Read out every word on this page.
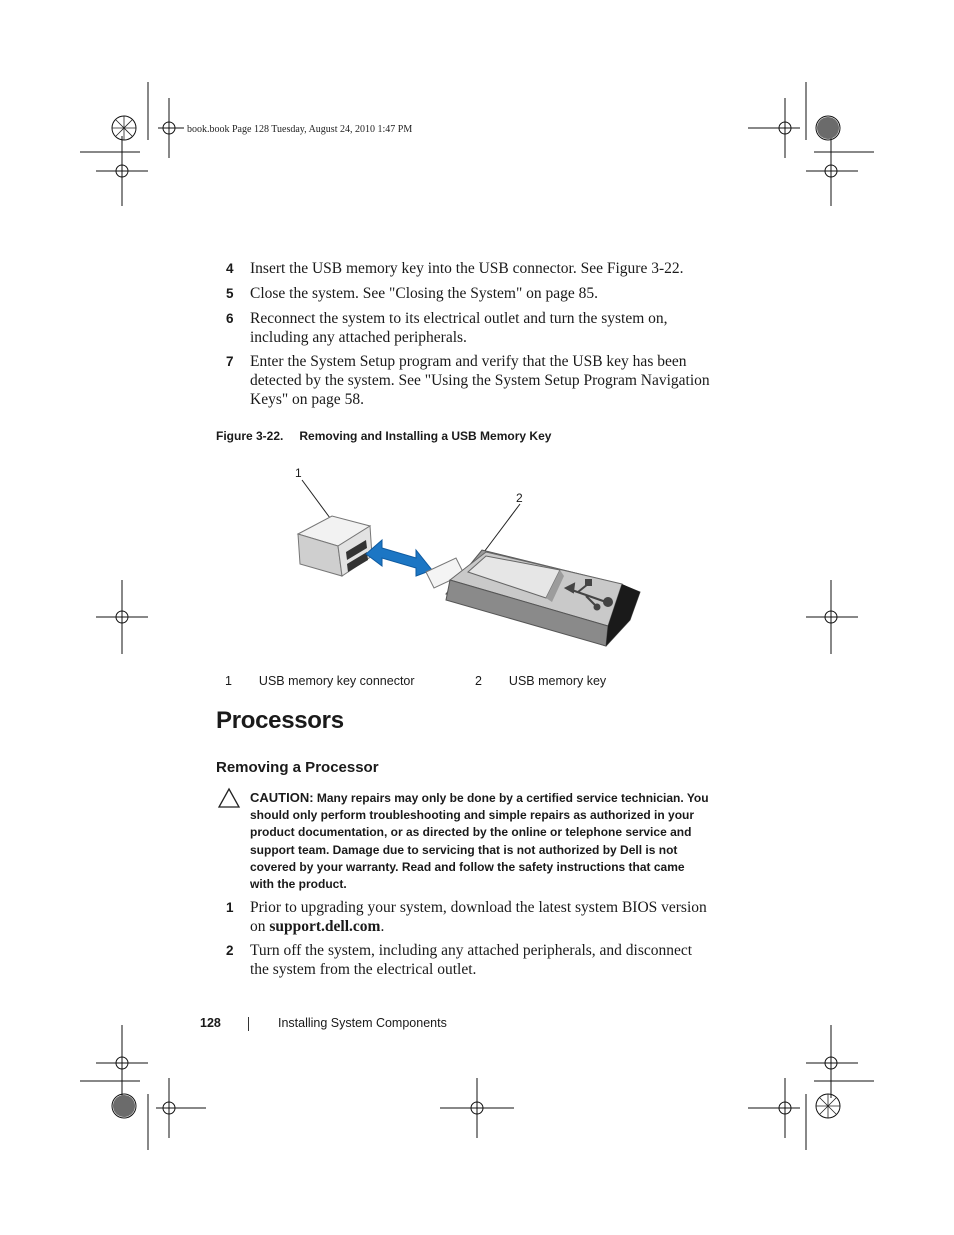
book.book Page 128 Tuesday, August 24, 2010 1:47 PM
4 Insert the USB memory key into the USB connector. See Figure 3-22.
5 Close the system. See "Closing the System" on page 85.
6 Reconnect the system to its electrical outlet and turn the system on,
including any attached peripherals.
7 Enter the System Setup program and verify that the USB key has been
detected by the system. See "Using the System Setup Program Navigation
Keys" on page 58.
Figure 3-22. Removing and Installing a USB Memory Key
1
2
1 USB memory key connector	2 USB memory key
Processors
Removing a Processor
CAUTION: Many repairs may only be done by a certified service technician. You should only perform troubleshooting and simple repairs as authorized in your product documentation, or as directed by the online or telephone service and support team. Damage due to servicing that is not authorized by Dell is not covered by your warranty. Read and follow the safety instructions that came with the product.
1 Prior to upgrading your system, download the latest system BIOS version
on support.dell.com.
2 Turn off the system, including any attached peripherals, and disconnect
the system from the electrical outlet.
128	Installing System Components
